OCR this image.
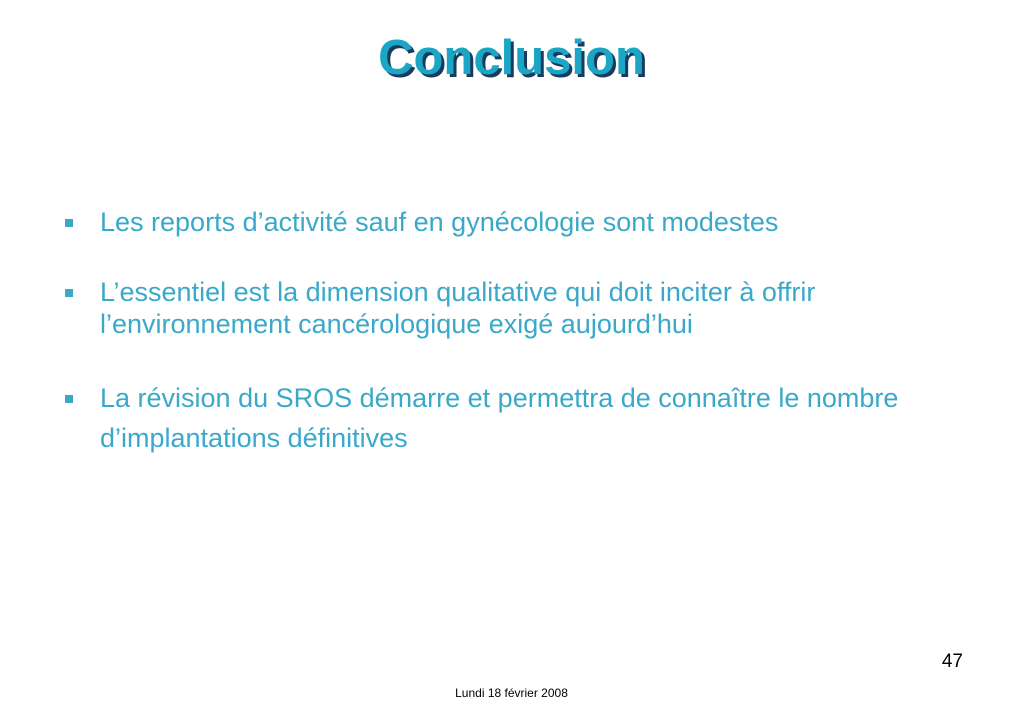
Conclusion
Les reports d’activité sauf en gynécologie sont modestes
L’essentiel est la dimension qualitative qui doit inciter à offrir l’environnement cancérologique exigé aujourd’hui
La révision du SROS démarre et permettra de connaître le nombre d’implantations définitives
47
Lundi 18 février 2008
